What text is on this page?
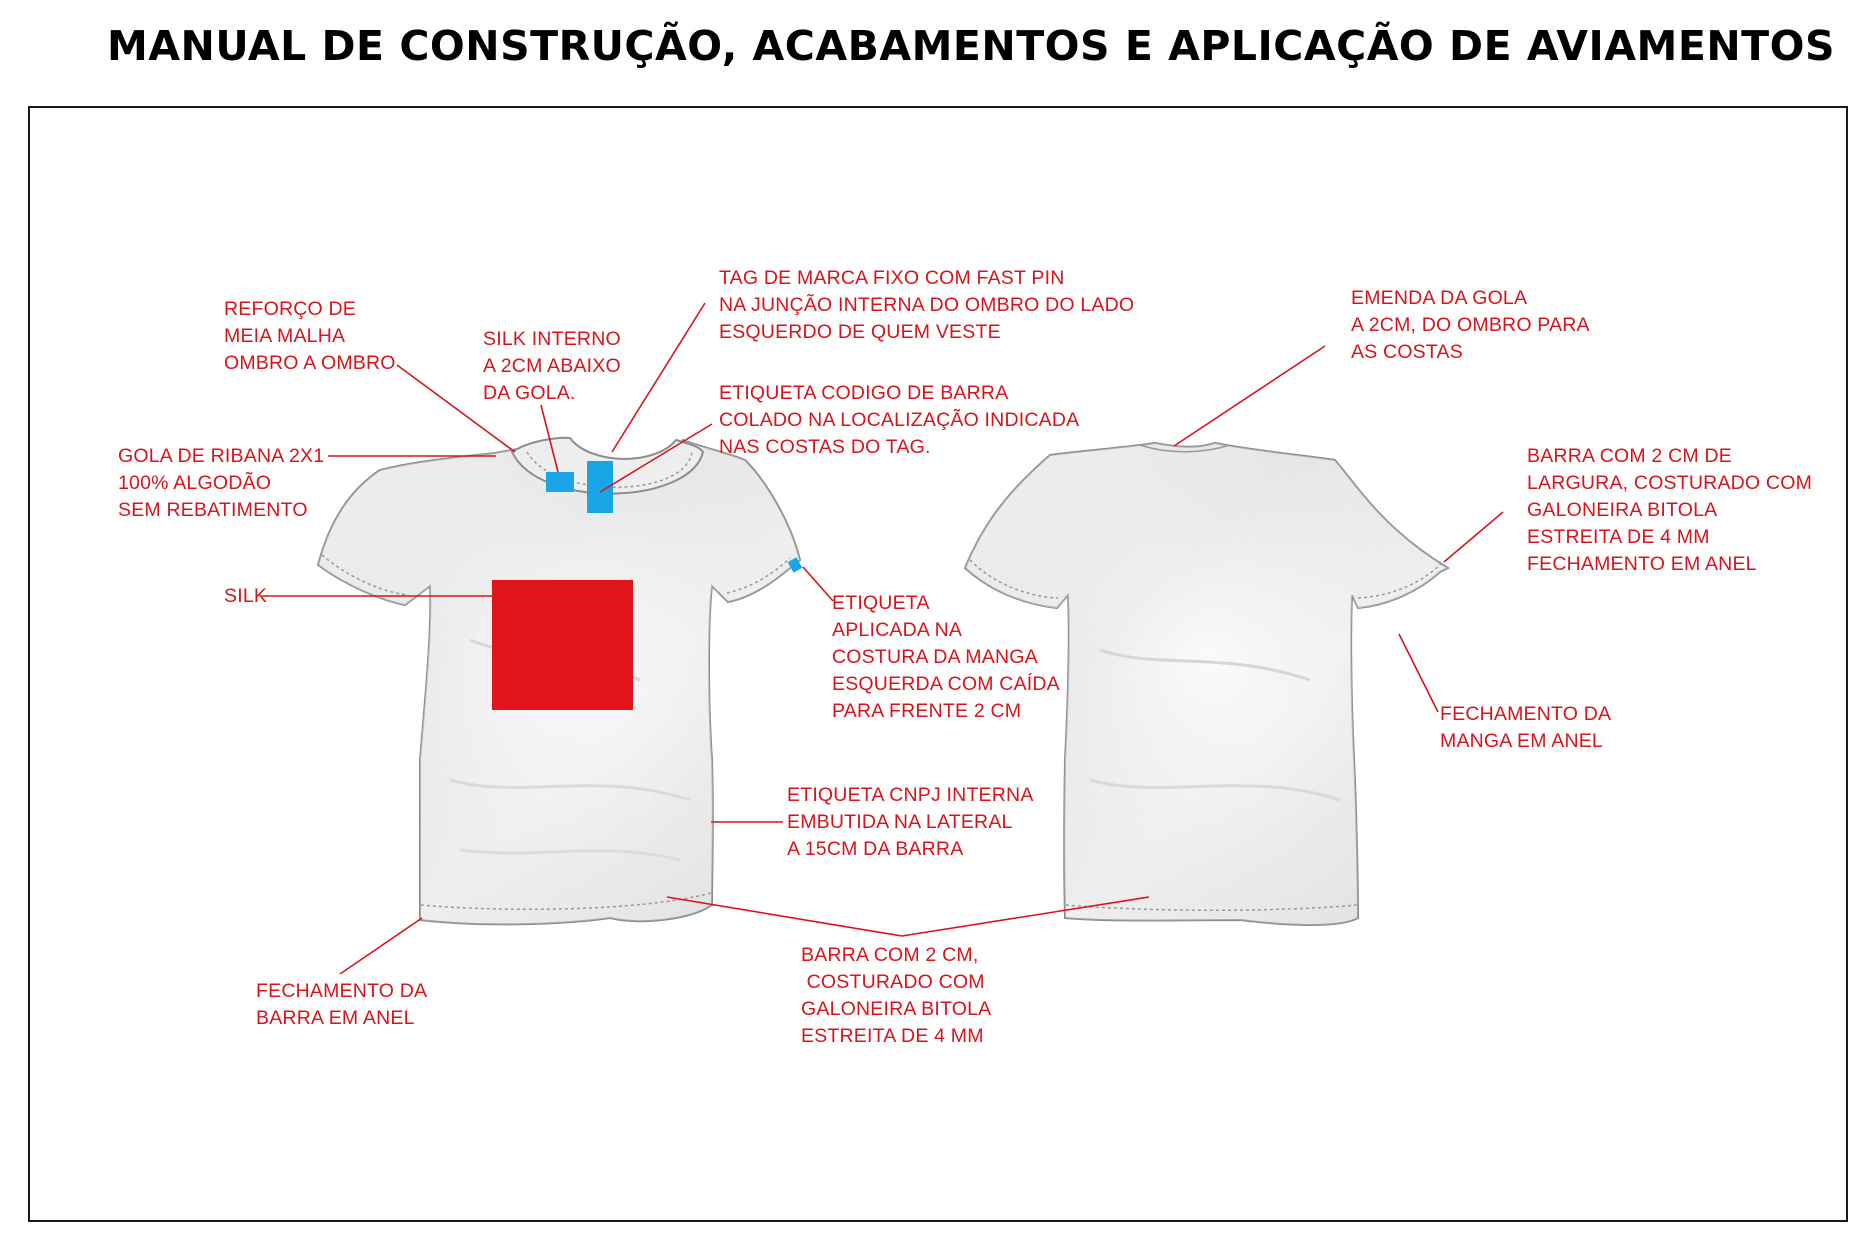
MANUAL DE CONSTRUÇÃO, ACABAMENTOS E APLICAÇÃO DE AVIAMENTOS
REFORÇO DE
MEIA MALHA
OMBRO A OMBRO
SILK INTERNO
A 2CM ABAIXO
DA GOLA.
TAG DE MARCA FIXO COM FAST PIN
NA JUNÇÃO INTERNA DO OMBRO DO LADO
ESQUERDO DE QUEM VESTE
ETIQUETA CODIGO DE BARRA
COLADO NA LOCALIZAÇÃO INDICADA
NAS COSTAS DO TAG.
GOLA DE RIBANA 2X1
100% ALGODÃO
SEM REBATIMENTO
SILK	ETIQUETA
APLICADA NA
COSTURA DA MANGA
ESQUERDA COM CAÍDA
PARA FRENTE 2 CM
ETIQUETA CNPJ INTERNA
EMBUTIDA NA LATERAL
A 15CM DA BARRA
FECHAMENTO DA
BARRA EM ANEL
BARRA COM 2 CM,
COSTURADO COM
GALONEIRA BITOLA
ESTREITA DE 4 MM
EMENDA DA GOLA
A 2CM, DO OMBRO PARA
AS COSTAS
BARRA COM 2 CM DE
LARGURA, COSTURADO COM
GALONEIRA BITOLA
ESTREITA DE 4 MM
FECHAMENTO EM ANEL
FECHAMENTO DA
MANGA EM ANEL
